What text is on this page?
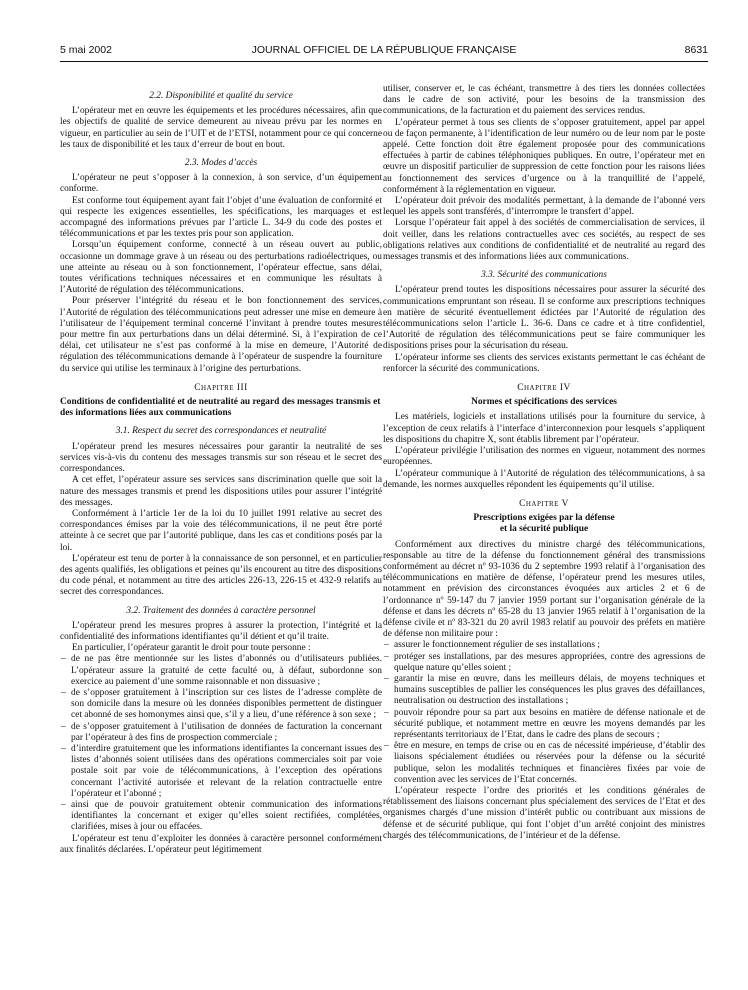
5 mai 2002	JOURNAL OFFICIEL DE LA RÉPUBLIQUE FRANÇAISE	8631
2.2. Disponibilité et qualité du service

L’opérateur met en œuvre les équipements et les procédures nécessaires, afin que les objectifs de qualité de service demeurent au niveau prévu par les normes en vigueur, en particulier au sein de l’UIT et de l’ETSI, notamment pour ce qui concerne les taux de disponibilité et les taux d’erreur de bout en bout.

2.3. Modes d’accès

L’opérateur ne peut s’opposer à la connexion, à son service, d’un équipement conforme.

Est conforme tout équipement ayant fait l’objet d’une évaluation de conformité et qui respecte les exigences essentielles, les spécifications, les marquages et est accompagné des informations prévues par l’article L. 34-9 du code des postes et télécommunications et par les textes pris pour son application.

Lorsqu’un équipement conforme, connecté à un réseau ouvert au public, occasionne un dommage grave à un réseau ou des perturbations radioélectriques, ou une atteinte au réseau ou à son fonctionnement, l’opérateur effectue, sans délai, toutes vérifications techniques nécessaires et en communique les résultats à l’Autorité de régulation des télécommunications.

Pour préserver l’intégrité du réseau et le bon fonctionnement des services, l’Autorité de régulation des télécommunications peut adresser une mise en demeure à l’utilisateur de l’équipement terminal concerné l’invitant à prendre toutes mesures pour mettre fin aux perturbations dans un délai déterminé. Si, à l’expiration de ce délai, cet utilisateur ne s’est pas conformé à la mise en demeure, l’Autorité de régulation des télécommunications demande à l’opérateur de suspendre la fourniture du service qui utilise les terminaux à l’origine des perturbations.

Chapitre III
Conditions de confidentialité et de neutralité au regard des messages transmis et des informations liées aux communications
3.1. Respect du secret des correspondances et neutralité

L’opérateur prend les mesures nécessaires pour garantir la neutralité de ses services vis-à-vis du contenu des messages transmis sur son réseau et le secret des correspondances.

A cet effet, l’opérateur assure ses services sans discrimination quelle que soit la nature des messages transmis et prend les dispositions utiles pour assurer l’intégrité des messages.

Conformément à l’article 1er de la loi du 10 juillet 1991 relative au secret des correspondances émises par la voie des télécommunications, il ne peut être porté atteinte à ce secret que par l’autorité publique, dans les cas et conditions posés par la loi.

L’opérateur est tenu de porter à la connaissance de son personnel, et en particulier des agents qualifiés, les obligations et peines qu’ils encourent au titre des dispositions du code pénal, et notamment au titre des articles 226-13, 226-15 et 432-9 relatifs au secret des correspondances.

3.2. Traitement des données à caractère personnel

L’opérateur prend les mesures propres à assurer la protection, l’intégrité et la confidentialité des informations identifiantes qu’il détient et qu’il traite.

En particulier, l’opérateur garantit le droit pour toute personne :

– de ne pas être mentionnée sur les listes d’abonnés ou d’utilisateurs publiées. L’opérateur assure la gratuité de cette faculté ou, à défaut, subordonne son exercice au paiement d’une somme raisonnable et non dissuasive ;
– de s’opposer gratuitement à l’inscription sur ces listes de l’adresse complète de son domicile dans la mesure où les données disponibles permettent de distinguer cet abonné de ses homonymes ainsi que, s’il y a lieu, d’une référence à son sexe ;
– de s’opposer gratuitement à l’utilisation de données de facturation la concernant par l’opérateur à des fins de prospection commerciale ;
– d’interdire gratuitement que les informations identifiantes la concernant issues des listes d’abonnés soient utilisées dans des opérations commerciales soit par voie postale soit par voie de télécommunications, à l’exception des opérations concernant l’activité autorisée et relevant de la relation contractuelle entre l’opérateur et l’abonné ;
– ainsi que de pouvoir gratuitement obtenir communication des informations identifiantes la concernant et exiger qu’elles soient rectifiées, complétées, clarifiées, mises à jour ou effacées.

L’opérateur est tenu d’exploiter les données à caractère personnel conformément aux finalités déclarées. L’opérateur peut légitimement

utiliser, conserver et, le cas échéant, transmettre à des tiers les données collectées dans le cadre de son activité, pour les besoins de la transmission des communications, de la facturation et du paiement des services rendus.

L’opérateur permet à tous ses clients de s’opposer gratuitement, appel par appel ou de façon permanente, à l’identification de leur numéro ou de leur nom par le poste appelé. Cette fonction doit être également proposée pour des communications effectuées à partir de cabines téléphoniques publiques. En outre, l’opérateur met en œuvre un dispositif particulier de suppression de cette fonction pour les raisons liées au fonctionnement des services d’urgence ou à la tranquillité de l’appelé, conformément à la réglementation en vigueur.

L’opérateur doit prévoir des modalités permettant, à la demande de l’abonné vers lequel les appels sont transférés, d’interrompre le transfert d’appel.

Lorsque l’opérateur fait appel à des sociétés de commercialisation de services, il doit veiller, dans les relations contractuelles avec ces sociétés, au respect de ses obligations relatives aux conditions de confidentialité et de neutralité au regard des messages transmis et des informations liées aux communications.

3.3. Sécurité des communications

L’opérateur prend toutes les dispositions nécessaires pour assurer la sécurité des communications empruntant son réseau. Il se conforme aux prescriptions techniques en matière de sécurité éventuellement édictées par l’Autorité de régulation des télécommunications selon l’article L. 36-6. Dans ce cadre et à titre confidentiel, l’Autorité de régulation des télécommunications peut se faire communiquer les dispositions prises pour la sécurisation du réseau.

L’opérateur informe ses clients des services existants permettant le cas échéant de renforcer la sécurité des communications.

Chapitre IV
Normes et spécifications des services

Les matériels, logiciels et installations utilisés pour la fourniture du service, à l’exception de ceux relatifs à l’interface d’interconnexion pour lesquels s’appliquent les dispositions du chapitre X, sont établis librement par l’opérateur.

L’opérateur privilégie l’utilisation des normes en vigueur, notamment des normes européennes.

L’opérateur communique à l’Autorité de régulation des télécommunications, à sa demande, les normes auxquelles répondent les équipements qu’il utilise.

Chapitre V
Prescriptions exigées par la défense
et la sécurité publique

Conformément aux directives du ministre chargé des télécommunications, responsable au titre de la défense du fonctionnement général des transmissions conformément au décret nº 93-1036 du 2 septembre 1993 relatif à l’organisation des télécommunications en matière de défense, l’opérateur prend les mesures utiles, notamment en prévision des circonstances évoquées aux articles 2 et 6 de l’ordonnance nº 59-147 du 7 janvier 1959 portant sur l’organisation générale de la défense et dans les décrets nº 65-28 du 13 janvier 1965 relatif à l’organisation de la défense civile et nº 83-321 du 20 avril 1983 relatif au pouvoir des préfets en matière de défense non militaire pour :

– assurer le fonctionnement régulier de ses installations ;
– protéger ses installations, par des mesures appropriées, contre des agressions de quelque nature qu’elles soient ;
– garantir la mise en œuvre, dans les meilleurs délais, de moyens techniques et humains susceptibles de pallier les conséquences les plus graves des défaillances, neutralisation ou destruction des installations ;
– pouvoir répondre pour sa part aux besoins en matière de défense nationale et de sécurité publique, et notamment mettre en œuvre les moyens demandés par les représentants territoriaux de l’Etat, dans le cadre des plans de secours ;
– être en mesure, en temps de crise ou en cas de nécessité impérieuse, d’établir des liaisons spécialement étudiées ou réservées pour la défense ou la sécurité publique, selon les modalités techniques et financières fixées par voie de convention avec les services de l’Etat concernés.

L’opérateur respecte l’ordre des priorités et les conditions générales de rétablissement des liaisons concernant plus spécialement des services de l’Etat et des organismes chargés d’une mission d’intérêt public ou contribuant aux missions de défense et de sécurité publique, qui font l’objet d’un arrêté conjoint des ministres chargés des télécommunications, de l’intérieur et de la défense.
